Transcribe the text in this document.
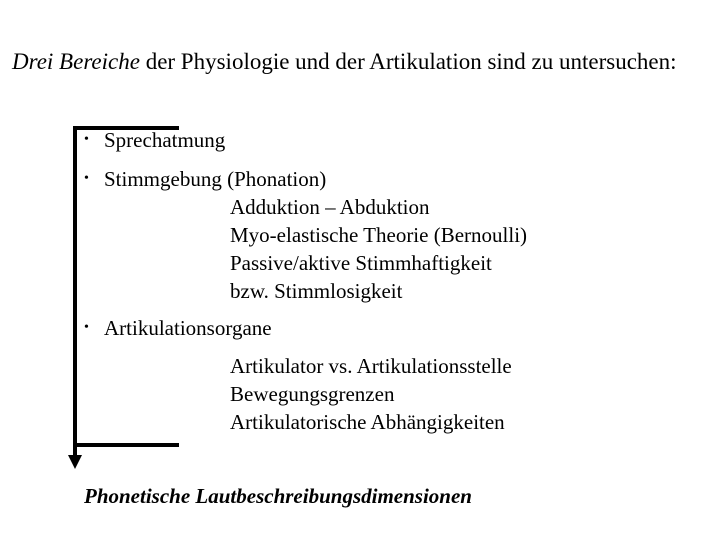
Drei Bereiche der Physiologie und der Artikulation sind zu untersuchen:
• Sprechatmung
• Stimmgebung (Phonation)
Adduktion – Abduktion
Myo-elastische Theorie (Bernoulli)
Passive/aktive Stimmhaftigkeit
bzw. Stimmlosigkeit
• Artikulationsorgane
Artikulator vs. Artikulationsstelle
Bewegungsgrenzen
Artikulatorische Abhängigkeiten
Phonetische Lautbeschreibungsdimensionen
